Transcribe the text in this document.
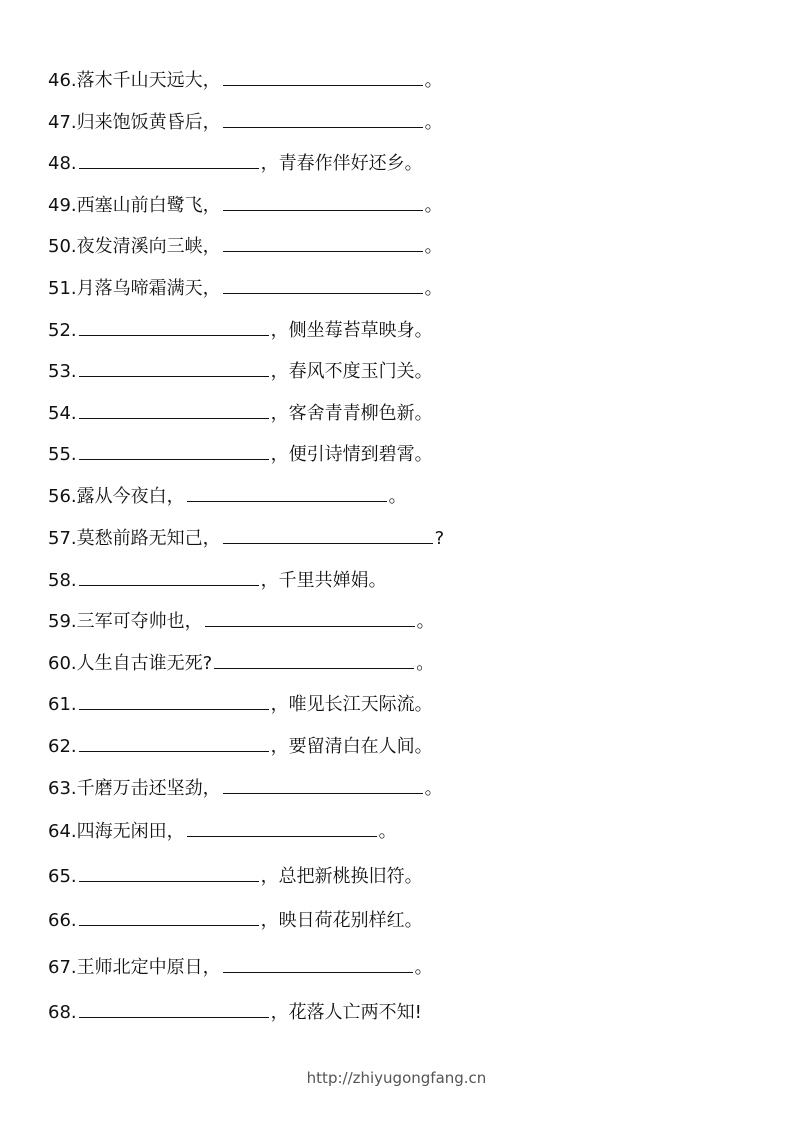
46.落木千山天远大，	。
47.归来饱饭黄昏后，	。
48.	，青春作伴好还乡。
49.西塞山前白鹭飞，	。
50.夜发清溪向三峡，	。
51.月落乌啼霜满天，	。
52.	，侧坐莓苔草映身。
53.	，春风不度玉门关。
54.	，客舍青青柳色新。
55.	，便引诗情到碧霄。
56.露从今夜白，	。
57.莫愁前路无知己，	?
58.	，千里共婵娟。
59.三军可夺帅也，	。
60.人生自古谁无死?	。
61.	，唯见长江天际流。
62.	，要留清白在人间。
63.千磨万击还坚劲，	。
64.四海无闲田，	。
65.	，总把新桃换旧符。
66.	，映日荷花别样红。
67.王师北定中原日，	。
68.	，花落人亡两不知!
http://zhiyugongfang.cn
